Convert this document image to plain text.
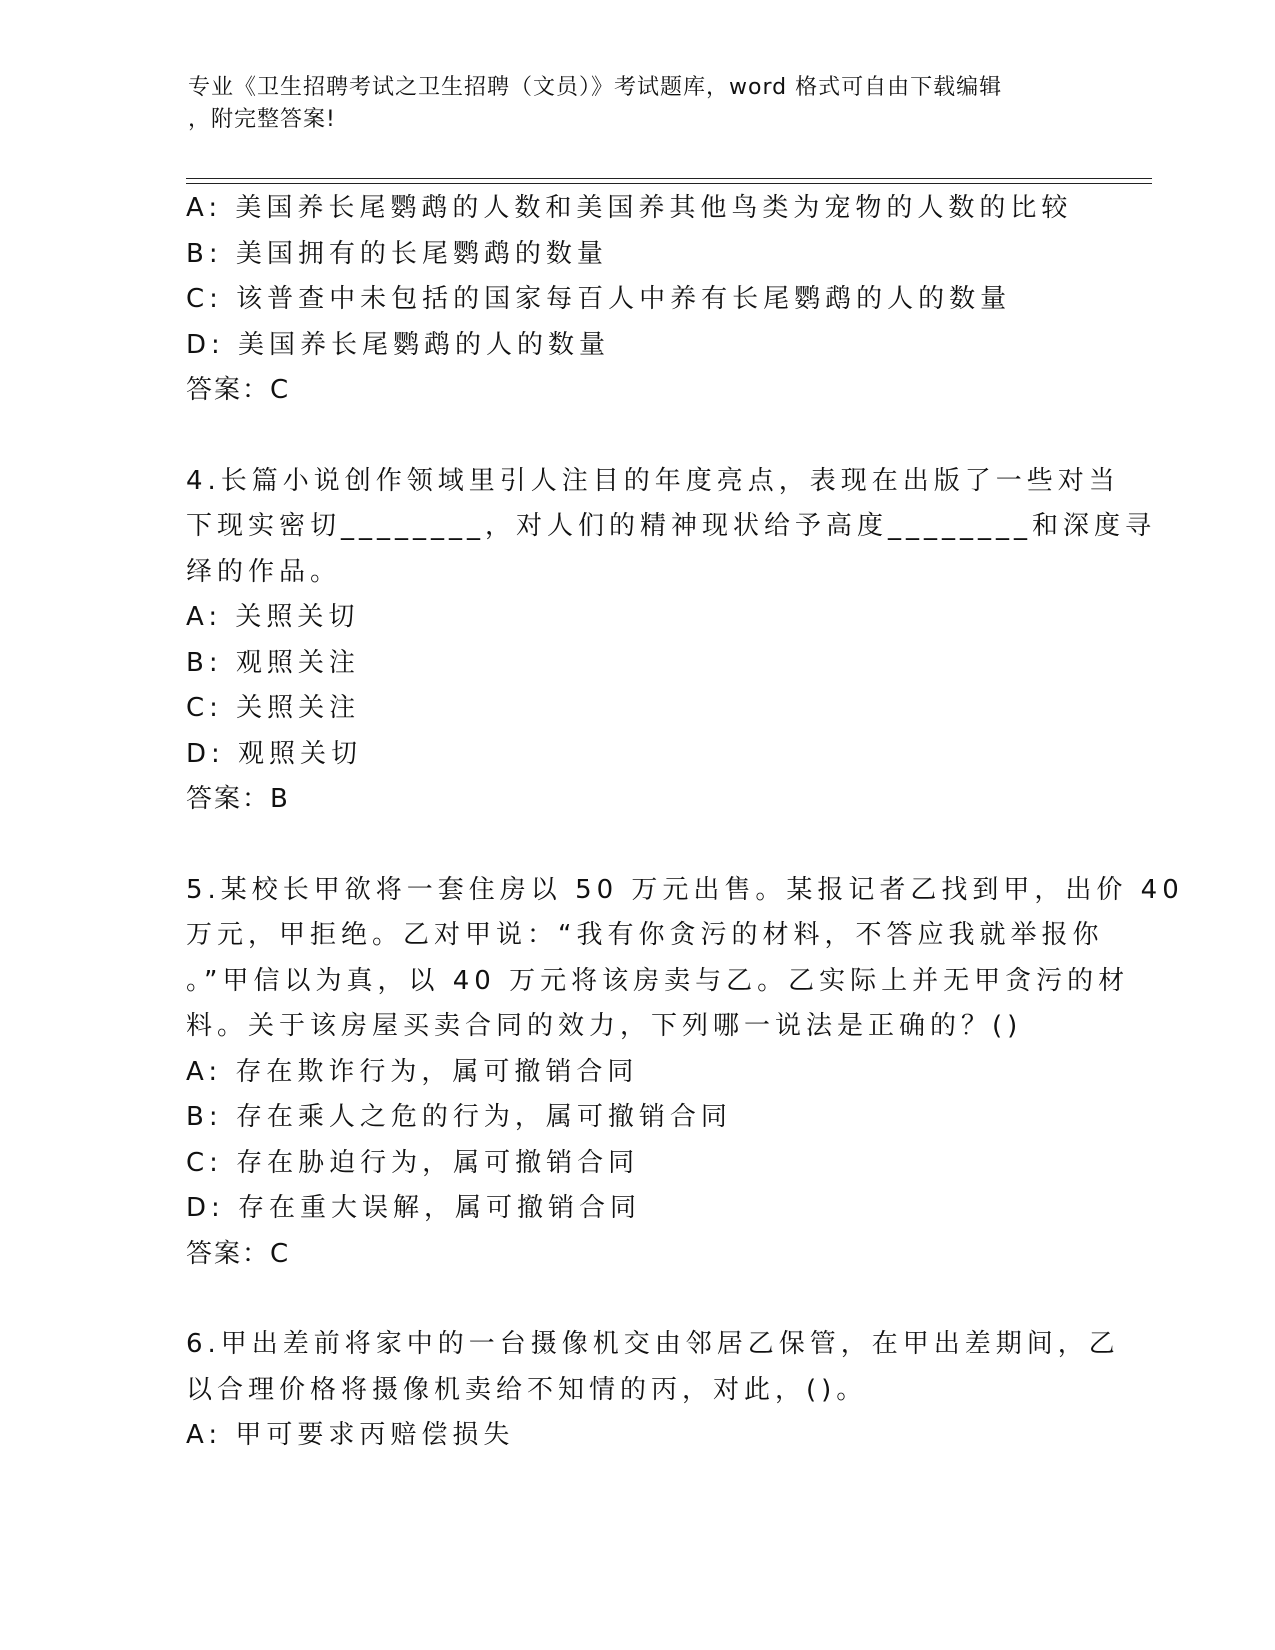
专业《卫生招聘考试之卫生招聘（文员）》考试题库，word 格式可自由下载编辑
，附完整答案!
A: 美国养长尾鹦鹉的人数和美国养其他鸟类为宠物的人数的比较
B: 美国拥有的长尾鹦鹉的数量
C: 该普查中未包括的国家每百人中养有长尾鹦鹉的人的数量
D: 美国养长尾鹦鹉的人的数量
答案：C
4.长篇小说创作领域里引人注目的年度亮点，表现在出版了一些对当
下现实密切________，对人们的精神现状给予高度________和深度寻
绎的作品。
A: 关照关切
B: 观照关注
C: 关照关注
D: 观照关切
答案：B
5.某校长甲欲将一套住房以 50 万元出售。某报记者乙找到甲，出价 40
万元，甲拒绝。乙对甲说：“我有你贪污的材料，不答应我就举报你
。”甲信以为真，以 40 万元将该房卖与乙。乙实际上并无甲贪污的材
料。关于该房屋买卖合同的效力，下列哪一说法是正确的？()
A: 存在欺诈行为，属可撤销合同
B: 存在乘人之危的行为，属可撤销合同
C: 存在胁迫行为，属可撤销合同
D: 存在重大误解，属可撤销合同
答案：C
6.甲出差前将家中的一台摄像机交由邻居乙保管，在甲出差期间，乙
以合理价格将摄像机卖给不知情的丙，对此，()。
A: 甲可要求丙赔偿损失
